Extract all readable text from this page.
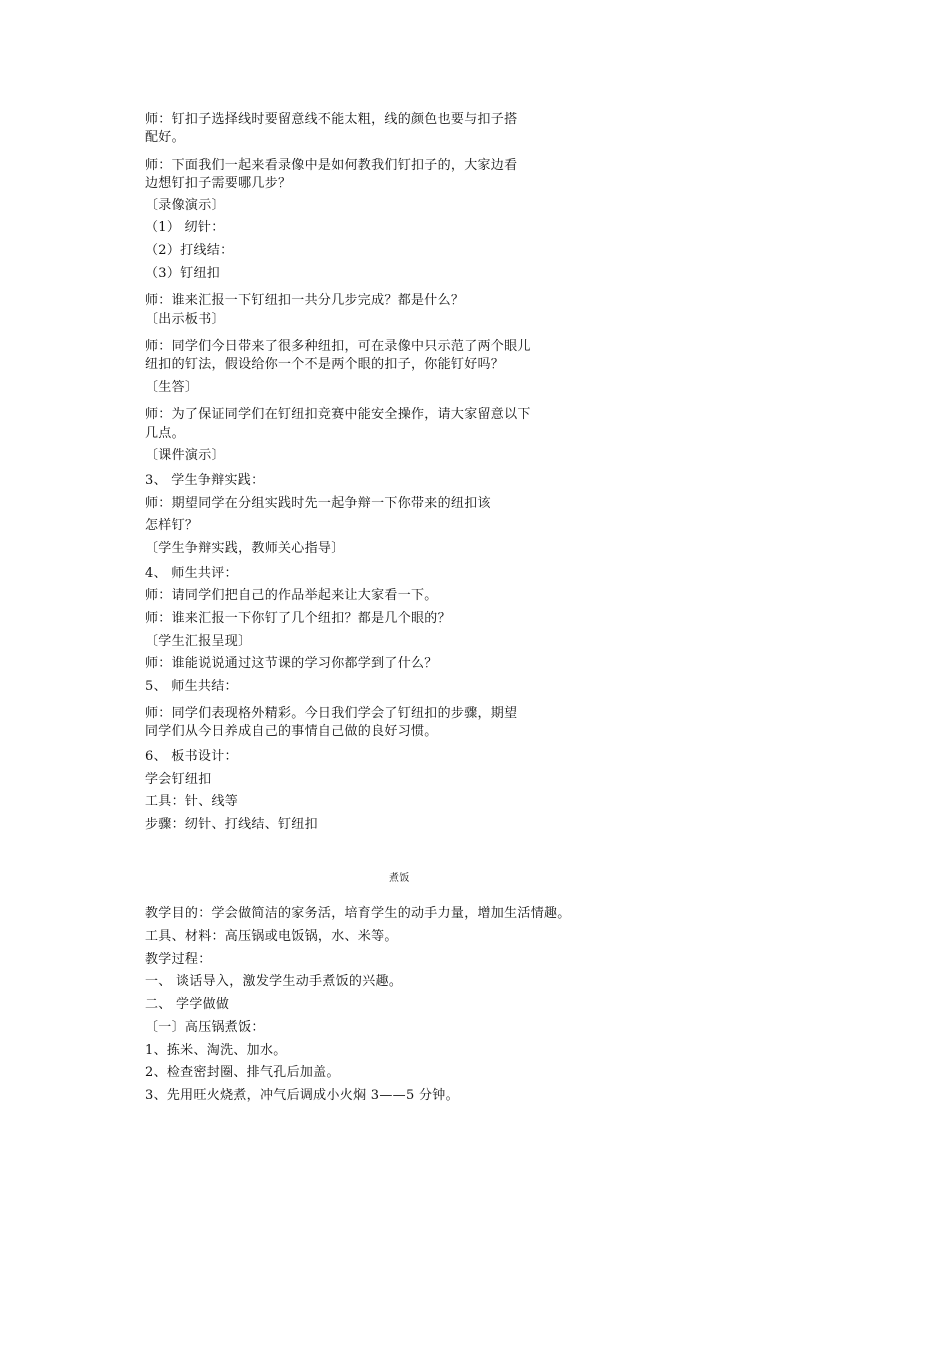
师：钉扣子选择线时要留意线不能太粗，线的颜色也要与扣子搭
配好。
师：下面我们一起来看录像中是如何教我们钉扣子的，大家边看
边想钉扣子需要哪几步？
〔录像演示〕
（1） 纫针：
（2）打线结：
（3）钉纽扣
师：谁来汇报一下钉纽扣一共分几步完成？都是什么？
〔出示板书〕
师：同学们今日带来了很多种纽扣，可在录像中只示范了两个眼儿
纽扣的钉法，假设给你一个不是两个眼的扣子，你能钉好吗？
〔生答〕
师：为了保证同学们在钉纽扣竞赛中能安全操作，请大家留意以下
几点。
〔课件演示〕
3、 学生争辩实践：
师：期望同学在分组实践时先一起争辩一下你带来的纽扣该
怎样钉？
〔学生争辩实践，教师关心指导〕
4、 师生共评：
师：请同学们把自己的作品举起来让大家看一下。
师：谁来汇报一下你钉了几个纽扣？都是几个眼的？
〔学生汇报呈现〕
师：谁能说说通过这节课的学习你都学到了什么？
5、 师生共结：
师：同学们表现格外精彩。今日我们学会了钉纽扣的步骤，期望
同学们从今日养成自己的事情自己做的良好习惯。
6、 板书设计：
学会钉纽扣
工具：针、线等
步骤：纫针、打线结、钉纽扣
煮饭
教学目的：学会做简洁的家务活，培育学生的动手力量，增加生活情趣。
工具、材料：高压锅或电饭锅，水、米等。
教学过程：
一、 谈话导入，激发学生动手煮饭的兴趣。
二、 学学做做
〔一〕高压锅煮饭：
1、拣米、淘洗、加水。
2、检查密封圈、排气孔后加盖。
3、先用旺火烧煮，冲气后调成小火焖 3——5 分钟。
